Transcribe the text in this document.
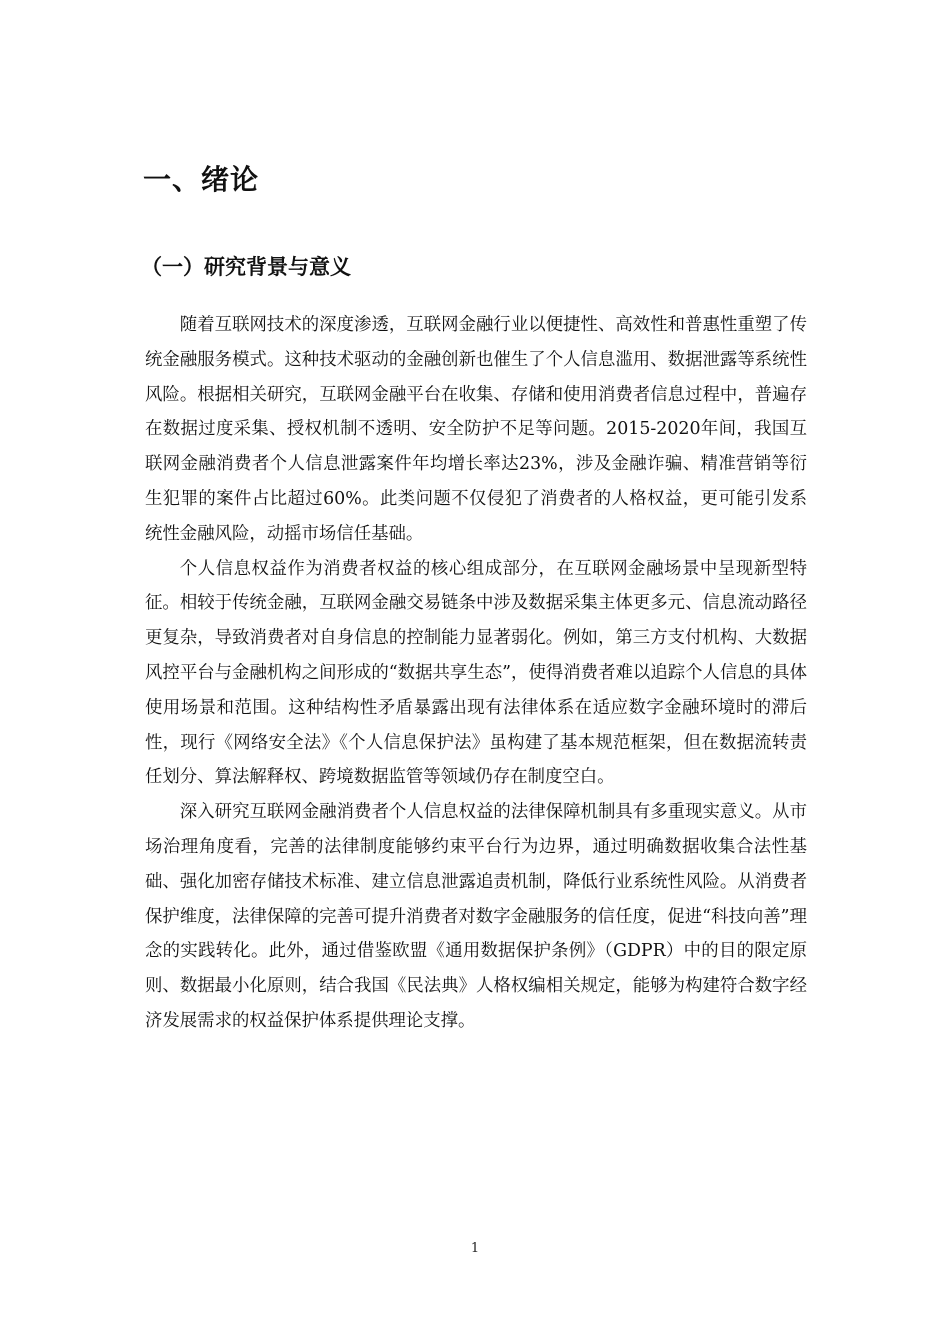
一、绪论
（一）研究背景与意义

随着互联网技术的深度渗透，互联网金融行业以便捷性、高效性和普惠性重塑了传统金融服务模式。这种技术驱动的金融创新也催生了个人信息滥用、数据泄露等系统性风险。根据相关研究，互联网金融平台在收集、存储和使用消费者信息过程中，普遍存在数据过度采集、授权机制不透明、安全防护不足等问题。2015-2020年间，我国互联网金融消费者个人信息泄露案件年均增长率达23%，涉及金融诈骗、精准营销等衍生犯罪的案件占比超过60%。此类问题不仅侵犯了消费者的人格权益，更可能引发系统性金融风险，动摇市场信任基础。

个人信息权益作为消费者权益的核心组成部分，在互联网金融场景中呈现新型特征。相较于传统金融，互联网金融交易链条中涉及数据采集主体更多元、信息流动路径更复杂，导致消费者对自身信息的控制能力显著弱化。例如，第三方支付机构、大数据风控平台与金融机构之间形成的“数据共享生态”，使得消费者难以追踪个人信息的具体使用场景和范围。这种结构性矛盾暴露出现有法律体系在适应数字金融环境时的滞后性，现行《网络安全法》《个人信息保护法》虽构建了基本规范框架，但在数据流转责任划分、算法解释权、跨境数据监管等领域仍存在制度空白。

深入研究互联网金融消费者个人信息权益的法律保障机制具有多重现实意义。从市场治理角度看，完善的法律制度能够约束平台行为边界，通过明确数据收集合法性基础、强化加密存储技术标准、建立信息泄露追责机制，降低行业系统性风险。从消费者保护维度，法律保障的完善可提升消费者对数字金融服务的信任度，促进“科技向善”理念的实践转化。此外，通过借鉴欧盟《通用数据保护条例》（GDPR）中的目的限定原则、数据最小化原则，结合我国《民法典》人格权编相关规定，能够为构建符合数字经济发展需求的权益保护体系提供理论支撑。

1
